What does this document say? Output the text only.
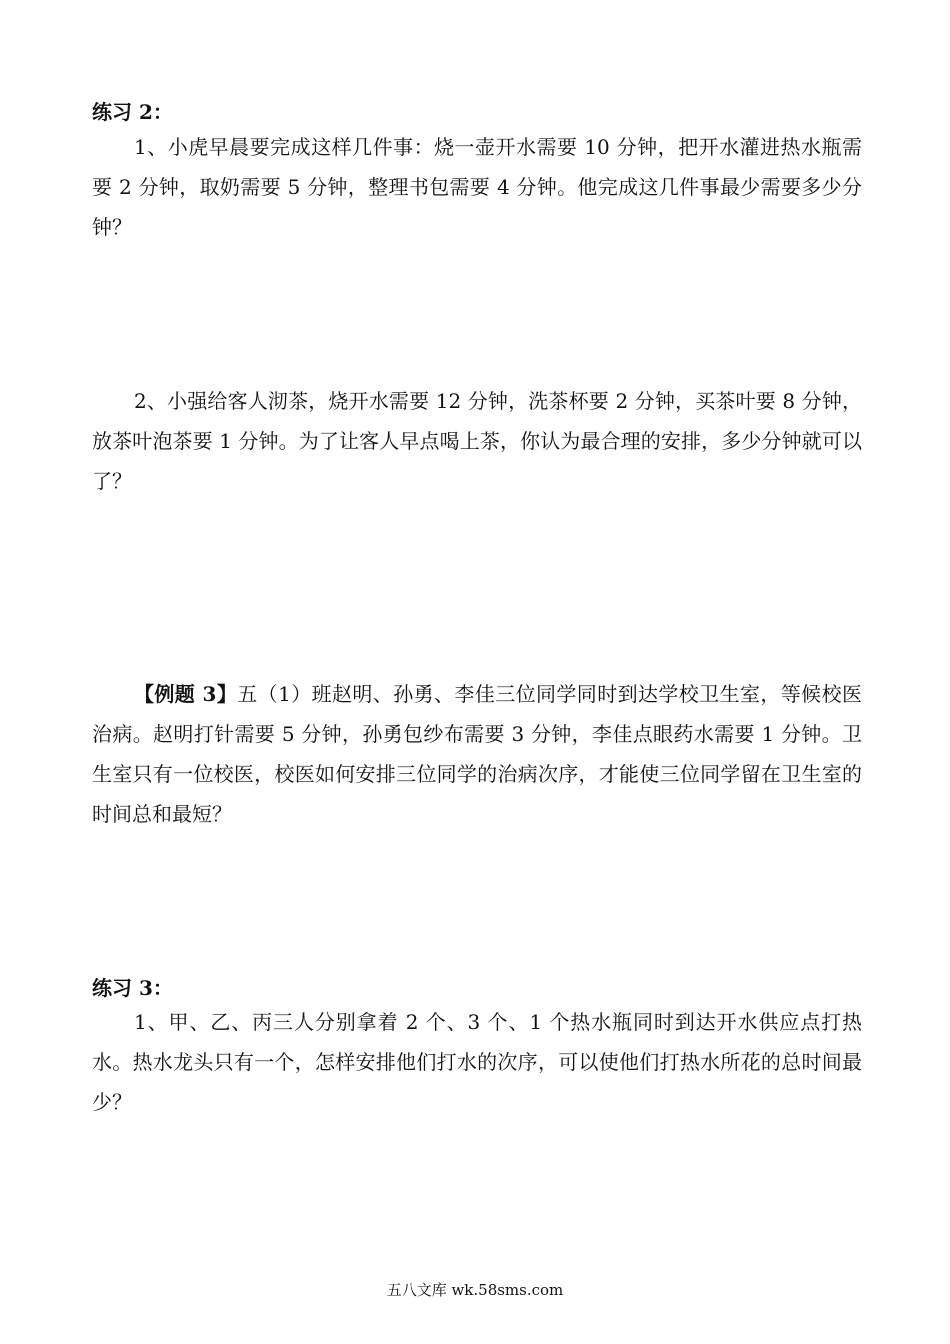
练习 2：

1、小虎早晨要完成这样几件事：烧一壶开水需要 10 分钟，把开水灌进热水瓶需要 2 分钟，取奶需要 5 分钟，整理书包需要 4 分钟。他完成这几件事最少需要多少分钟？

2、小强给客人沏茶，烧开水需要 12 分钟，洗茶杯要 2 分钟，买茶叶要 8 分钟，放茶叶泡茶要 1 分钟。为了让客人早点喝上茶，你认为最合理的安排，多少分钟就可以了？

【例题 3】五（1）班赵明、孙勇、李佳三位同学同时到达学校卫生室，等候校医治病。赵明打针需要 5 分钟，孙勇包纱布需要 3 分钟，李佳点眼药水需要 1 分钟。卫生室只有一位校医，校医如何安排三位同学的治病次序，才能使三位同学留在卫生室的时间总和最短？

练习 3：

1、甲、乙、丙三人分别拿着 2 个、3 个、1 个热水瓶同时到达开水供应点打热水。热水龙头只有一个，怎样安排他们打水的次序，可以使他们打热水所花的总时间最少？

五八文库 wk.58sms.com
